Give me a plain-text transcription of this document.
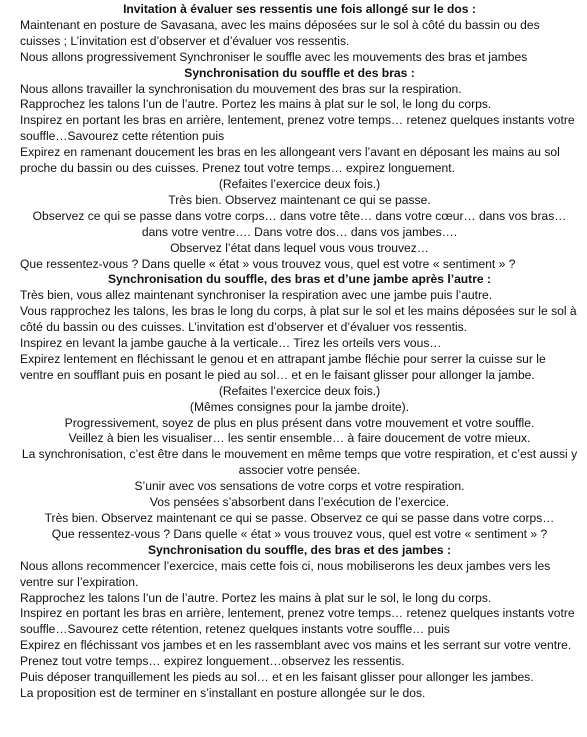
Invitation à évaluer ses ressentis une fois allongé sur le dos :

Maintenant en posture de Savasana, avec les mains déposées sur le sol à côté du bassin ou des cuisses ; L’invitation est d’observer et d’évaluer vos ressentis.

Nous allons progressivement Synchroniser le souffle avec les mouvements des bras et jambes

Synchronisation du souffle et des bras :

Nous allons travailler la synchronisation du mouvement des bras sur la respiration.

Rapprochez les talons l’un de l’autre. Portez les mains à plat sur le sol, le long du corps.

Inspirez en portant les bras en arrière, lentement, prenez votre temps… retenez quelques instants votre souffle…Savourez cette rétention puis

Expirez en ramenant doucement les bras en les allongeant vers l’avant en déposant les mains au sol proche du bassin ou des cuisses. Prenez tout votre temps… expirez longuement.

(Refaites l’exercice deux fois.)

Très bien. Observez maintenant ce qui se passe.

Observez ce qui se passe dans votre corps… dans votre tête… dans votre cœur… dans vos bras… dans votre ventre…. Dans votre dos… dans vos jambes….

Observez l’état dans lequel vous vous trouvez…

Que ressentez-vous ? Dans quelle « état » vous trouvez vous, quel est votre « sentiment » ?

Synchronisation du souffle, des bras et d’une jambe après l’autre :

Très bien, vous allez maintenant synchroniser la respiration avec une jambe puis l’autre.

Vous rapprochez les talons, les bras le long du corps, à plat sur le sol et les mains déposées sur le sol à côté du bassin ou des cuisses. L’invitation est d’observer et d’évaluer vos ressentis.

Inspirez en levant la jambe gauche à la verticale… Tirez les orteils vers vous…

Expirez lentement en fléchissant le genou et en attrapant jambe fléchie pour serrer la cuisse sur le ventre en soufflant puis en posant le pied au sol… et en le faisant glisser pour allonger la jambe.

(Refaites l’exercice deux fois.)

(Mêmes consignes pour la jambe droite).

Progressivement, soyez de plus en plus présent dans votre mouvement et votre souffle.

Veillez à bien les visualiser… les sentir ensemble… à faire doucement de votre mieux.

La synchronisation, c’est être dans le mouvement en même temps que votre respiration, et c’est aussi y associer votre pensée.

S’unir avec vos sensations de votre corps et votre respiration.

Vos pensées s’absorbent dans l’exécution de l’exercice.

Très bien. Observez maintenant ce qui se passe. Observez ce qui se passe dans votre corps…

Que ressentez-vous ? Dans quelle « état » vous trouvez vous, quel est votre « sentiment » ?

Synchronisation du souffle, des bras et des jambes :

Nous allons recommencer l’exercice, mais cette fois ci, nous mobiliserons les deux jambes vers les ventre sur l’expiration.

Rapprochez les talons l’un de l’autre. Portez les mains à plat sur le sol, le long du corps.

Inspirez en portant les bras en arrière, lentement, prenez votre temps… retenez quelques instants votre souffle…Savourez cette rétention, retenez quelques instants votre souffle… puis

Expirez en fléchissant vos jambes et en les rassemblant avec vos mains et les serrant sur votre ventre. Prenez tout votre temps… expirez longuement…observez les ressentis.

Puis déposer tranquillement les pieds au sol… et en les faisant glisser pour allonger les jambes.

La proposition est de terminer en s’installant en posture allongée sur le dos.
